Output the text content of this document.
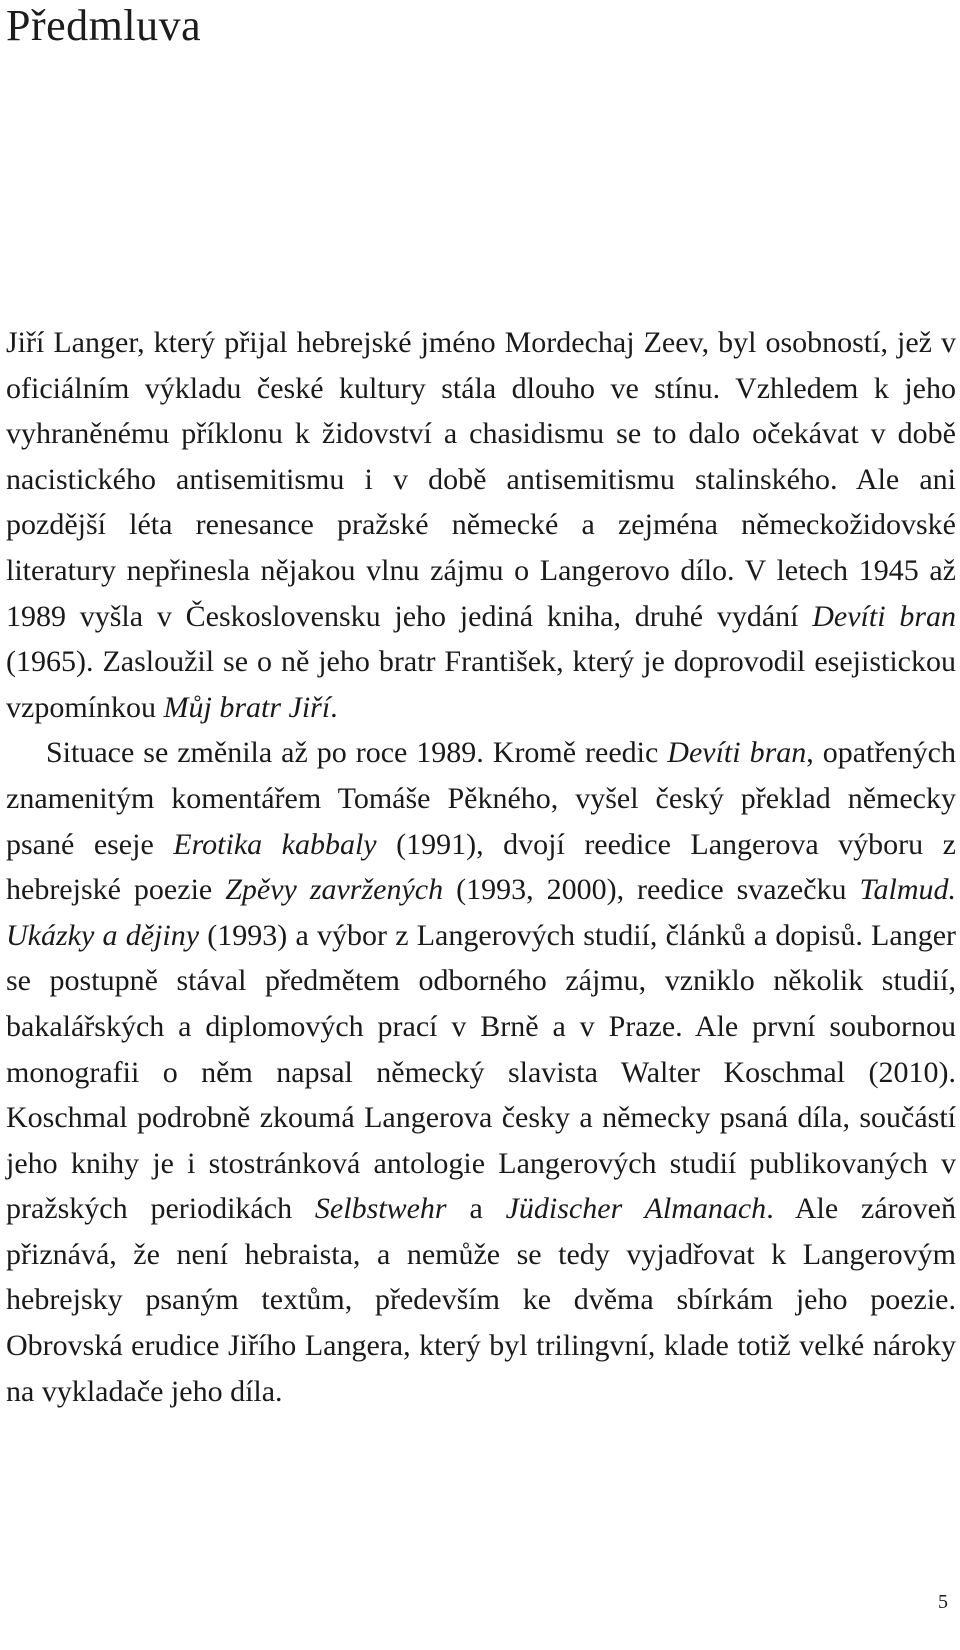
Předmluva

Jiří Langer, který přijal hebrejské jméno Mordechaj Zeev, byl osobností, jež v oficiálním výkladu české kultury stála dlouho ve stínu. Vzhledem k jeho vyhraněnému příklonu k židovství a chasidismu se to dalo očekávat v době nacistického antisemitismu i v době antisemitismu stalinského. Ale ani pozdější léta renesance pražské německé a zejména německožidovské literatury nepřinesla nějakou vlnu zájmu o Langerovo dílo. V letech 1945 až 1989 vyšla v Československu jeho jediná kniha, druhé vydání Devíti bran (1965). Zasloužil se o ně jeho bratr František, který je doprovodil esejistickou vzpomínkou Můj bratr Jiří.

Situace se změnila až po roce 1989. Kromě reedic Devíti bran, opatřených znamenitým komentářem Tomáše Pěkného, vyšel český překlad německy psané eseje Erotika kabbaly (1991), dvojí reedice Langerova výboru z hebrejské poezie Zpěvy zavržených (1993, 2000), reedice svazečku Talmud. Ukázky a dějiny (1993) a výbor z Langerových studií, článků a dopisů. Langer se postupně stával předmětem odborného zájmu, vzniklo několik studií, bakalářských a diplomových prací v Brně a v Praze. Ale první soubornou monografii o něm napsal německý slavista Walter Koschmal (2010). Koschmal podrobně zkoumá Langerova česky a německy psaná díla, součástí jeho knihy je i stostránková antologie Langerových studií publikovaných v pražských periodikách Selbstwehr a Jüdischer Almanach. Ale zároveň přiznává, že není hebraista, a nemůže se tedy vyjadřovat k Langerovým hebrejsky psaným textům, především ke dvěma sbírkám jeho poezie. Obrovská erudice Jiřího Langera, který byl trilingvní, klade totiž velké nároky na vykladače jeho díla.

5
